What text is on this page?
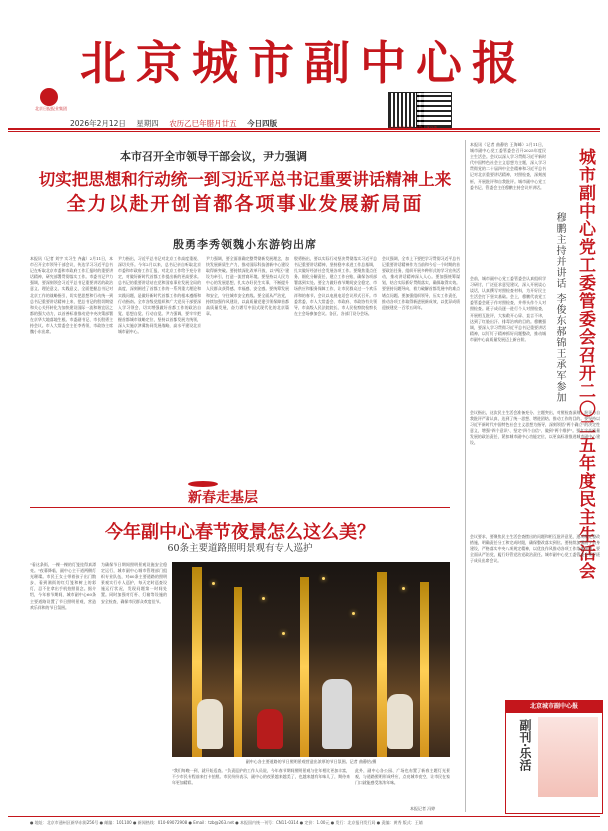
北京城市副中心报
北京日报报业集团
2026年2月12日 星期四 农历乙巳年腊月廿五 今日四版
本市召开全市领导干部会议，尹力强调
切实把思想和行动统一到习近平总书记重要讲话精神上来
全力以赴开创首都各项事业发展新局面
殷勇李秀领魏小东游钧出席
本报讯（记者 刘宇 实习生 齐鑫）2月11日，本市召开全市领导干部会议，传达学习习近平总书记在听取北京市委和市政府工作汇报时的重要讲话精神，研究部署贯彻落实工作。市委书记尹力强调，要深刻领会习近平总书记重要讲话的政治意义、理论意义、实践意义，全面把握总书记对北京工作的战略指引，切实把思想和行动统一到总书记重要讲话精神上来，把总书记的殷切期望和关心关怀转化为加快建设国际一流和谐宜居之都的强大动力，以首善标准推动党中央决策部署在京华大地落地生根。市委副书记、市长殷勇主持会议。市人大常委会主任李秀领，市政协主席魏小东出席。
尹力指出，习近平总书记对北京工作高度重视、深切关怀。今年2月以来，总书记亲自听取北京市委和市政府工作汇报，对北京工作给予充分肯定，对做好新时代首都工作提出新的更高要求。总书记的重要讲话站在党和国家事业发展全局的高度，深刻阐述了首都工作的一系列重大理论和实践问题，是做好新时代首都工作的根本遵循和行动指南。全市各级党组织和广大党员干部要深入学习领会，切实增强做好首都工作的政治自觉、思想自觉、行动自觉。尹力强调，要牢牢把握首都城市战略定位，坚持以首都发展为统领，深入实施京津冀协同发展战略，高水平建设北京城市副中心。
尹力强调，要全面准确完整贯彻新发展理念，加快发展新质生产力，推动国际科技创新中心建设取得新突破。要持续深化改革开放，以"两区"建设为牵引，打造一流营商环境。要坚持以人民为中心的发展思想，扎实办好民生实事，不断提升人民群众获得感、幸福感、安全感。要统筹发展和安全，守住城市安全底线。要全面从严治党，持续加强作风建设，以高质量党建引领保障首都高质量发展，奋力谱写中国式现代化的北京篇章。
殷勇指出，要以实际行动坚决贯彻落实习近平总书记重要讲话精神，坚持稳中求进工作总基调，扎实做好经济社会发展各项工作。要聚焦重点任务，细化分解责任，建立工作台账，确保各项部署落到实处。要全力做好春节期间安全稳定、市场供应和服务保障工作，让市民群众过一个欢乐祥和的春节。会议以电视电话会议形式召开。市委常委，市人大常委会、市政府、市政协有关领导，市高级人民法院院长、市人民检察院检察长在主会场参加会议。各区、各部门设分会场。
会议强调，全市上下要把学习贯彻习近平总书记重要讲话精神作为当前和今后一个时期的首要政治任务，组织开展多种形式的学习宣传活动，推动讲话精神深入人心。要加强统筹谋划，结合实际抓好贯彻落实，确保取得实效。要坚持问题导向，着力破解首都发展中的难点堵点问题。要加强组织领导，压实工作责任，推动各项工作取得新进展新成效，以优异成绩迎接建党一百零五周年。	城市副中心党工委管委会召开二〇二五年度民主生活会
穆鹏主持并讲话 李俊东郝锦王承军参加
本报讯（记者 曲静怡 王海峰）2月11日，城市副中心党工委管委会召开2025年度民主生活会。会议以深入学习贯彻习近平新时代中国特色社会主义思想为主题，深入学习贯彻党的二十届四中全会精神和习近平总书记对北京重要讲话精神，对照检查，深刻剖析，开展批评和自我批评。城市副中心党工委书记、管委会主任穆鹏主持会议并讲话。
会前，城市副中心党工委管委会认真组织学习研讨，广泛征求意见建议，深入开展谈心谈话，认真撰写对照检查材料，为开好民主生活会打下坚实基础。会上，穆鹏代表党工委管委会班子作对照检查，并带头作个人对照检查。班子成员逐一进行个人对照检查，开展相互批评，大家敞开心扉、直言不讳，达到了红脸出汗、排毒治病的目的。穆鹏强调，要深入学习贯彻习近平总书记重要讲话精神，以钉钉子精神抓好问题整改，推动城市副中心高质量发展迈上新台阶。
会议指出，这次民主生活会准备充分、主题突出，对照检查深刻，批评与自我批评严肃认真，达到了统一思想、增进团结、推动工作的目的。要坚持以习近平新时代中国特色社会主义思想为指导，深刻领悟"两个确立"的决定性意义，增强"四个意识"、坚定"四个自信"、做到"两个维护"。要扛牢高质量发展的政治责任，紧扣城市副中心功能定位，以更高标准推进城市副中心建设。
会议要求，要聚焦民主生活会查摆出的问题和相互批评意见，逐项制定整改措施，明确责任分工和完成时限，确保整改落实到位。要持续加强班子自身建设，严格落实中央八项规定精神，以优良作风推动各项工作落地见效。要全面从严治党，履行好管党治党政治责任。城市副中心党工委管委会领导班子成员出席会议。
新春走基层
今年副中心春节夜景怎么这么美？
60条主要道路照明景观有专人巡护
"看这条街，一棵一棵的灯笼挂得真漂亮。"夜幕降临，副中心主干道两侧灯光璀璨。市民王女士带着孩子出门散步，看到满街的红灯笼和树上的彩灯，忍不住拿出手机拍照留念。据介绍，今年春节期间，城市副中心60条主要道路设置了节日照明景观，营造欢乐祥和的节日氛围。
为确保节日期间照明景观设施安全稳定运行，城市副中心城市管理部门组织专业队伍，对60条主要道路的照明景观实行专人巡护，每天定时巡查设施运行状况，发现问题第一时间处置。同时加强对灯杆、灯箱等设施的安全检查，确保市民群众欢度佳节。
副中心各主要道路的节日照明景观营造出浓厚的节日氛围。记者 曲静怡/摄
"我们每晚一到，就开始巡查。"负责巡护的工作人员说，今年春节期间照明景观与往年相比更加丰富，不少市民专程前来打卡拍照。市民纷纷表示，副中心的夜景越来越美了，也越来越有年味儿了，期待来年更加精彩。
此外，副中心各公园、广场也布置了新春主题灯光景观，与道路照明形成呼应，点亮城市夜空，让市民在家门口就能感受浓浓年味。
本报记者 冯婷
北京城市副中心报
副刊·乐活
● 地址：北京市通州区新华东街256号 ● 邮编：101100 ● 新闻热线：010-69072908 ● Email：tzb@263.net ● 本报国内统一刊号：CN11-0314 ● 定价：1.00元 ● 发行：北京报刊发行局 ● 责编：黄秀 版式：王婧
